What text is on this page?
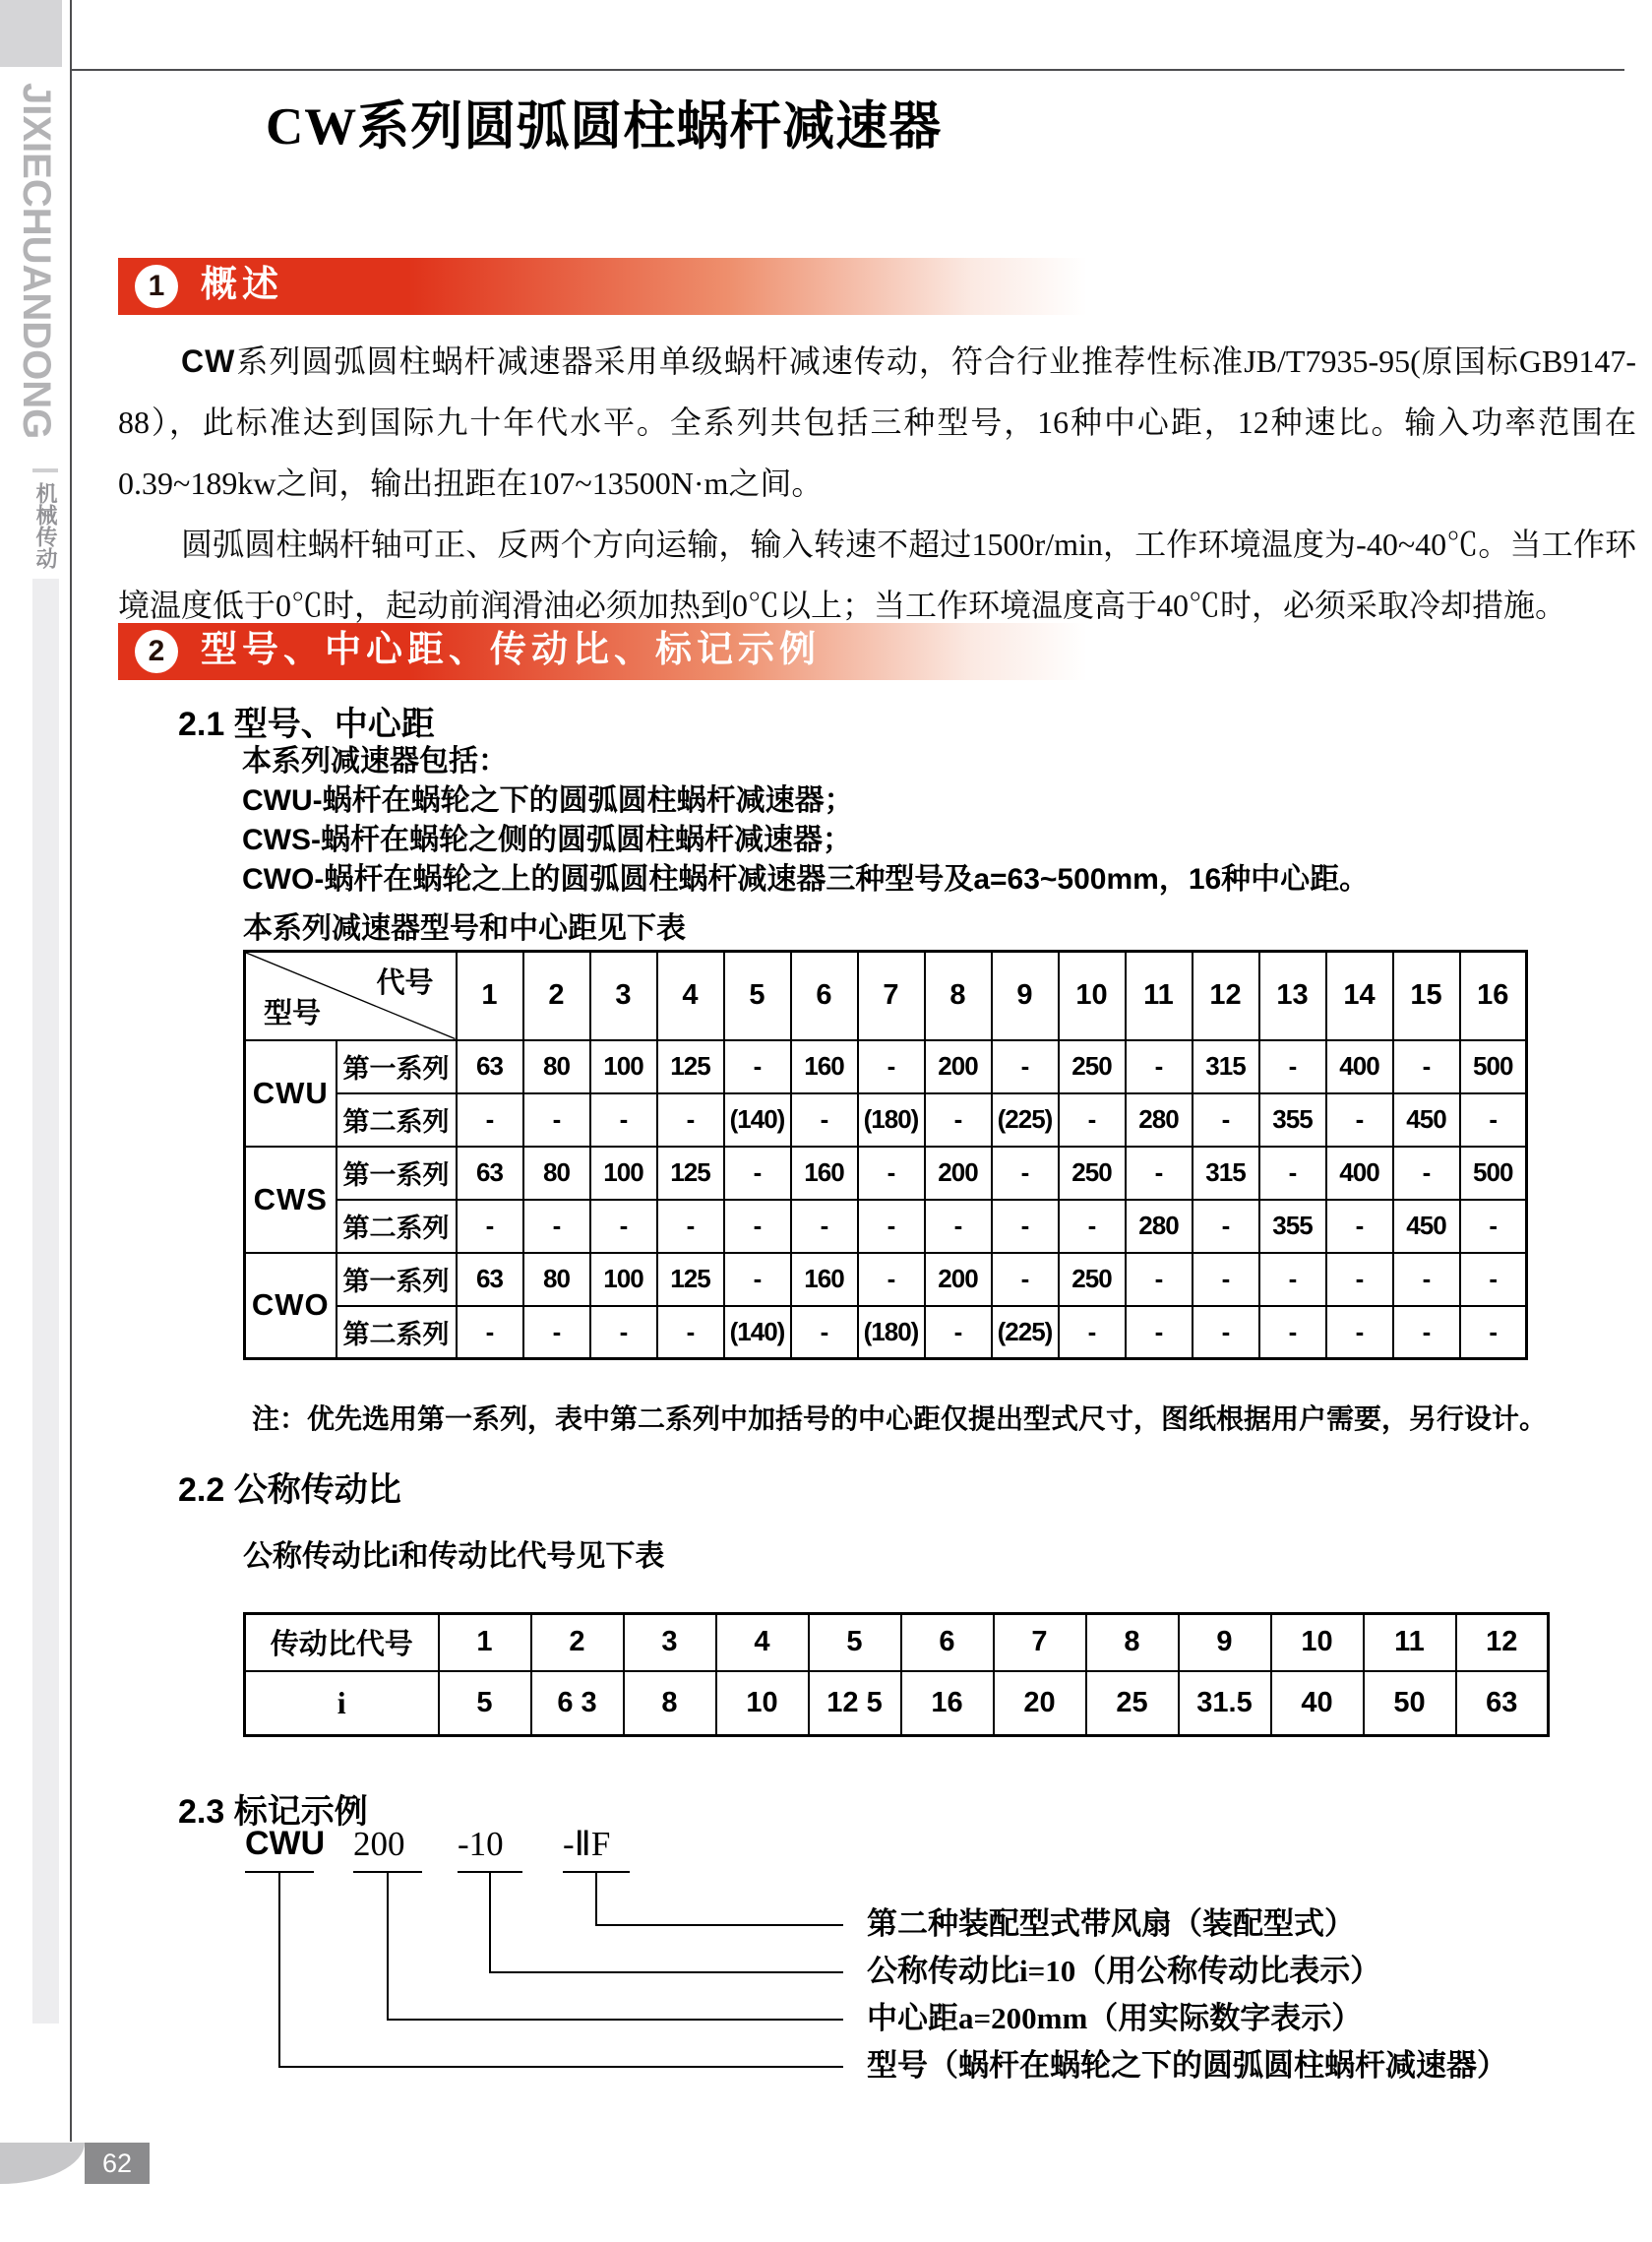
JIXIECHUANDONG
机械传动
62
CW系列圆弧圆柱蜗杆减速器
1 概述

CW系列圆弧圆柱蜗杆减速器采用单级蜗杆减速传动，符合行业推荐性标准JB/T7935-95(原国标GB9147-88），此标准达到国际九十年代水平。全系列共包括三种型号，16种中心距，12种速比。输入功率范围在0.39~189kw之间，输出扭距在107~13500N·m之间。

圆弧圆柱蜗杆轴可正、反两个方向运输，输入转速不超过1500r/min，工作环境温度为-40~40℃。当工作环境温度低于0℃时，起动前润滑油必须加热到0℃以上；当工作环境温度高于40℃时，必须采取冷却措施。

2 型号、中心距、传动比、标记示例
2.1 型号、中心距
本系列减速器包括：
CWU-蜗杆在蜗轮之下的圆弧圆柱蜗杆减速器；
CWS-蜗杆在蜗轮之侧的圆弧圆柱蜗杆减速器；
CWO-蜗杆在蜗轮之上的圆弧圆柱蜗杆减速器三种型号及a=63~500mm，16种中心距。
本系列减速器型号和中心距见下表
代号
型号		1	2	3	4	5	6	7	8	9	10	11	12	13	14	15	16
CWU	第一系列	63	80	100	125	-	160	-	200	-	250	-	315	-	400	-	500
	第二系列	-	-	-	-	(140)	-	(180)	-	(225)	-	280	-	355	-	450	-
CWS	第一系列	63	80	100	125	-	160	-	200	-	250	-	315	-	400	-	500
	第二系列	-	-	-	-	-	-	-	-	-	-	280	-	355	-	450	-
CWO	第一系列	63	80	100	125	-	160	-	200	-	250	-	-	-	-	-	-
	第二系列	-	-	-	-	(140)	-	(180)	-	(225)	-	-	-	-	-	-	-
注：优先选用第一系列，表中第二系列中加括号的中心距仅提出型式尺寸，图纸根据用户需要，另行设计。
2.2 公称传动比
公称传动比i和传动比代号见下表
传动比代号	1	2	3	4	5	6	7	8	9	10	11	12
i	5	6 3	8	10	12 5	16	20	25	31.5	40	50	63
2.3 标记示例
CWU 200 -10 -ⅡF
第二种装配型式带风扇（装配型式）
公称传动比i=10（用公称传动比表示）
中心距a=200mm（用实际数字表示）
型号（蜗杆在蜗轮之下的圆弧圆柱蜗杆减速器）
